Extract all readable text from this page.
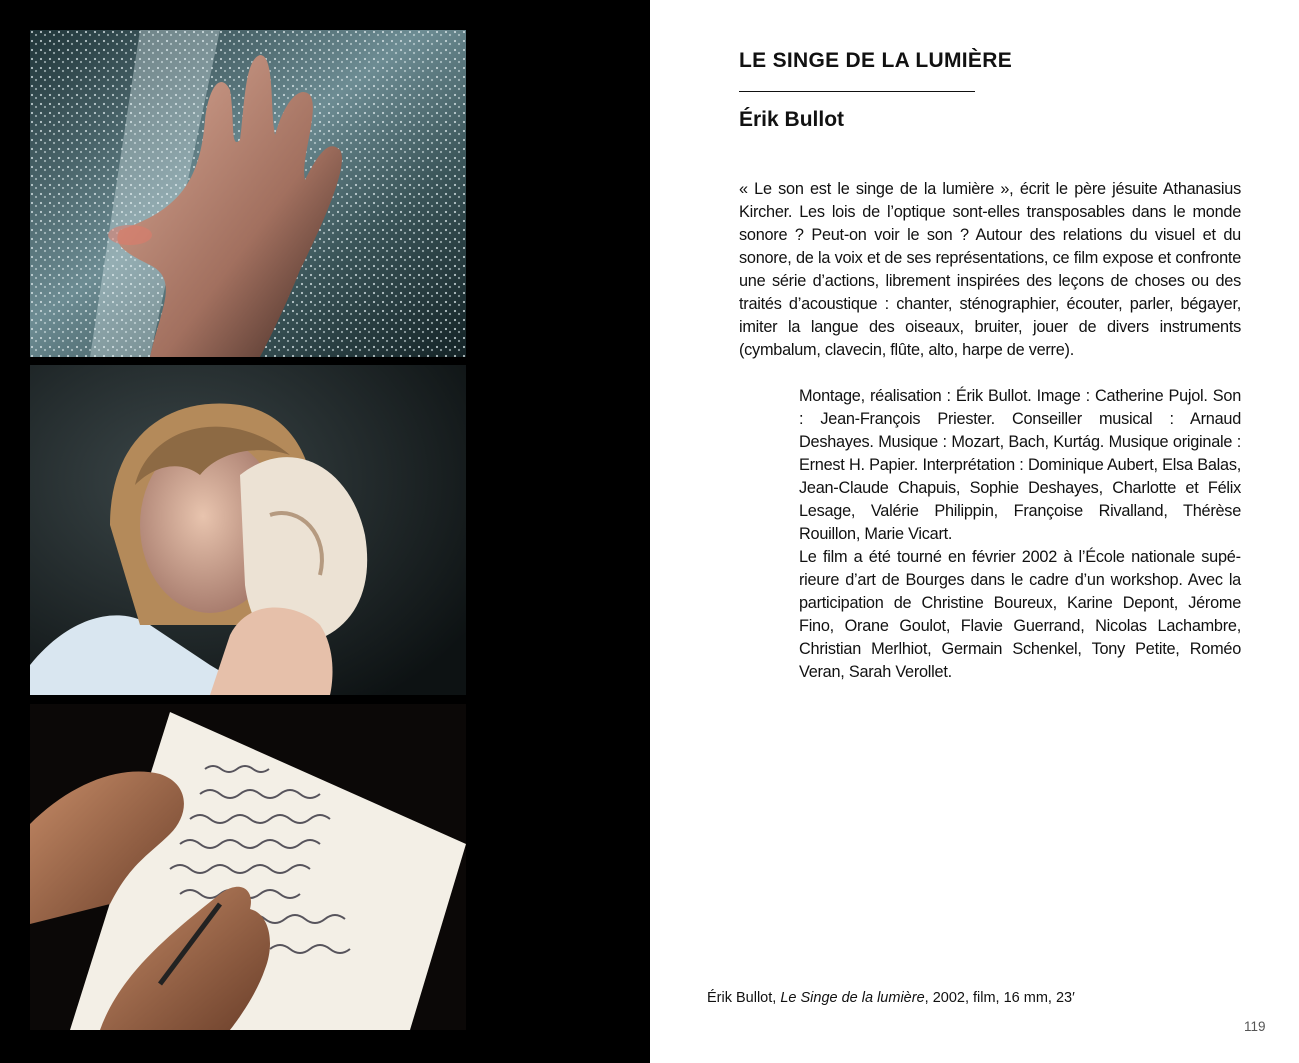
LE SINGE DE LA LUMIÈRE
Érik Bullot

« Le son est le singe de la lumière », écrit le père jésuite Athanasius Kircher. Les lois de l’optique sont-elles transposables dans le monde sonore ? Peut-on voir le son ? Autour des relations du visuel et du sonore, de la voix et de ses représentations, ce film expose et confronte une série d’actions, librement inspirées des leçons de choses ou des traités d’acoustique : chanter, sténographier, écouter, parler, bégayer, imiter la langue des oiseaux, bruiter, jouer de divers instruments (cymbalum, clavecin, flûte, alto, harpe de verre).

Montage, réalisation : Érik Bullot. Image : Catherine Pujol. Son : Jean-François Priester. Conseiller musical : Arnaud Deshayes. Musique : Mozart, Bach, Kurtág. Musique originale : Ernest H. Papier. Interprétation : Dominique Aubert, Elsa Balas, Jean-Claude Chapuis, Sophie Deshayes, Charlotte et Félix Lesage, Valérie Philippin, Françoise Rivalland, Thérèse Rouillon, Marie Vicart.

Le film a été tourné en février 2002 à l’École nationale supérieure d’art de Bourges dans le cadre d’un workshop. Avec la participation de Christine Boureux, Karine Depont, Jérome Fino, Orane Goulot, Flavie Guerrand, Nicolas Lachambre, Christian Merlhiot, Germain Schenkel, Tony Petite, Roméo Veran, Sarah Verollet.

Érik Bullot, Le Singe de la lumière, 2002, film, 16 mm, 23′
119
